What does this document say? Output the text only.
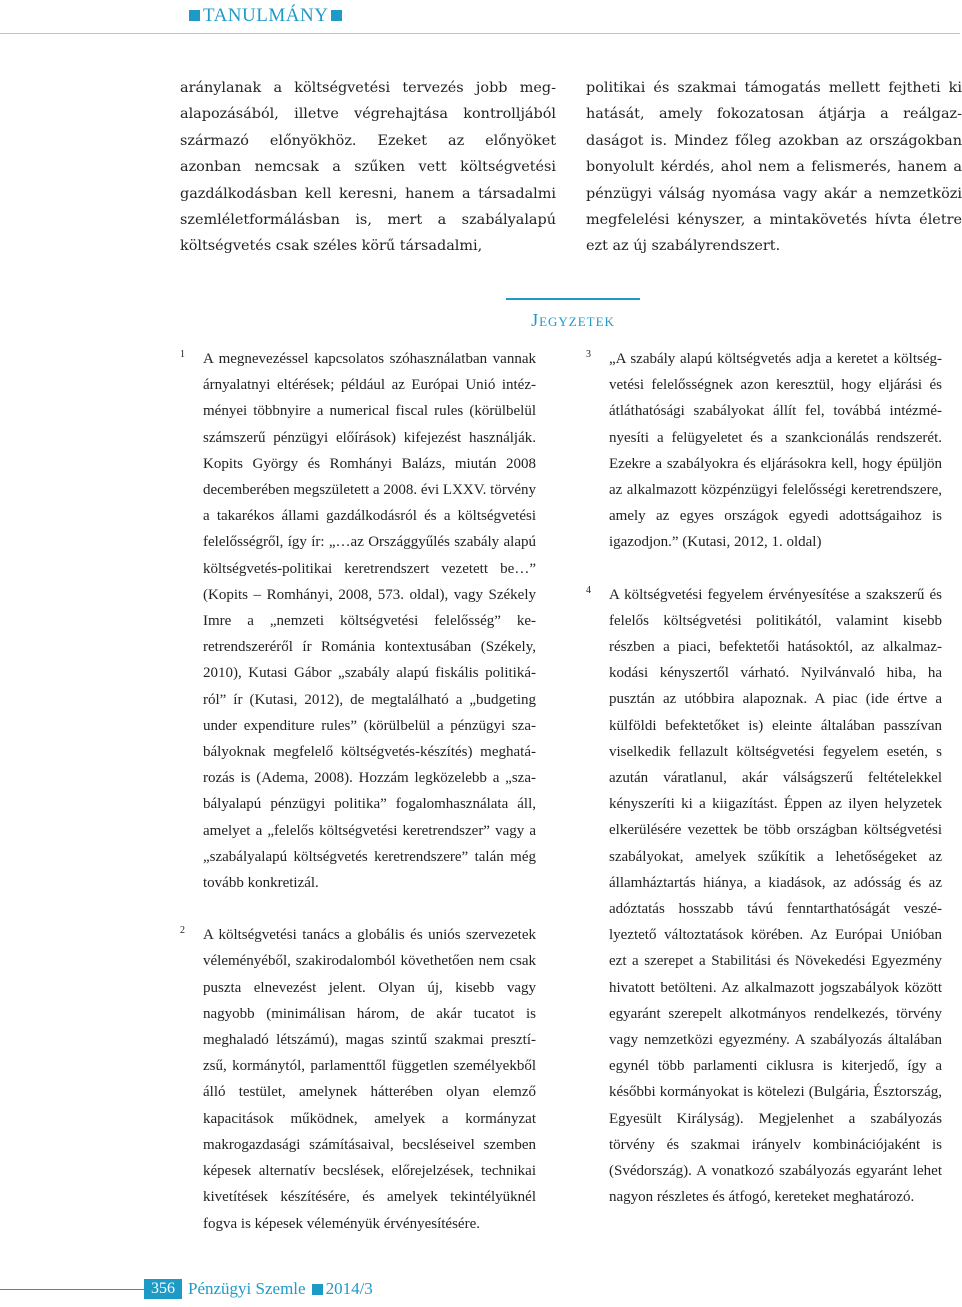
TANULMÁNY
aránylanak a költségvetési tervezés jobb megalapozásából, illetve végrehajtása kontrolljából származó előnyökhöz. Ezeket az előnyöket azonban nemcsak a szűken vett költségvetési gazdálkodásban kell keresni, hanem a társadalmi szemléletformálásban is, mert a szabályalapú költségvetés csak széles körű társadalmi,
politikai és szakmai támogatás mellett fejtheti ki hatását, amely fokozatosan átjárja a reálgazdaságot is. Mindez főleg azokban az országokban bonyolult kérdés, ahol nem a felismerés, hanem a pénzügyi válság nyomása vagy akár a nemzetközi megfelelési kényszer, a mintakövetés hívta életre ezt az új szabályrendszert.
Jegyzetek
1 A megnevezéssel kapcsolatos szóhasználatban vannak árnyalatnyi eltérések; például az Európai Unió intézményei többnyire a numerical fiscal rules (körülbelül számszerű pénzügyi előírások) kifejezést használják. Kopits György és Romhányi Balázs, miután 2008 decemberében megszületett a 2008. évi LXXV. törvény a takarékos állami gazdálkodásról és a költségvetési felelősségről, így ír: „…az Országgyűlés szabály alapú költségvetés-politikai keretrendszert vezetett be…” (Kopits – Romhányi, 2008, 573. oldal), vagy Székely Imre a „nemzeti költségvetési felelősség” keretrendszeréről ír Románia kontextusában (Székely, 2010), Kutasi Gábor „szabály alapú fiskális politikáról” ír (Kutasi, 2012), de megtalálható a „budgeting under expenditure rules” (körülbelül a pénzügyi szabályoknak megfelelő költségvetés-készítés) meghatározás is (Adema, 2008). Hozzám legközelebb a „szabályalapú pénzügyi politika” fogalomhasználata áll, amelyet a „felelős költségvetési keretrendszer” vagy a „szabályalapú költségvetés keretrendszere” talán még tovább konkretizál.
2 A költségvetési tanács a globális és uniós szervezetek véleményéből, szakirodalomból követhetően nem csak puszta elnevezést jelent. Olyan új, kisebb vagy nagyobb (minimálisan három, de akár tucatot is meghaladó létszámú), magas szintű szakmai presztízsű, kormánytól, parlamenttől független személyekből álló testület, amelynek hátterében olyan elemző kapacitások működnek, amelyek a kormányzat makrogazdasági számításaival, becsléseivel szemben képesek alternatív becslések, előrejelzések, technikai kivetítések készítésére, és amelyek tekintélyüknél fogva is képesek véleményük érvényesítésére.
3 „A szabály alapú költségvetés adja a keretet a költségvetési felelősségnek azon keresztül, hogy eljárási és átláthatósági szabályokat állít fel, továbbá intézményesíti a felügyeletet és a szankcionálás rendszerét. Ezekre a szabályokra és eljárásokra kell, hogy épüljön az alkalmazott közpénzügyi felelősségi keretrendszere, amely az egyes országok egyedi adottságaihoz is igazodjon.” (Kutasi, 2012, 1. oldal)
4 A költségvetési fegyelem érvényesítése a szakszerű és felelős költségvetési politikától, valamint kisebb részben a piaci, befektetői hatásoktól, az alkalmazkodási kényszertől várható. Nyilvánvaló hiba, ha pusztán az utóbbira alapoznak. A piac (ide értve a külföldi befektetőket is) eleinte általában passzívan viselkedik fellazult költségvetési fegyelem esetén, s azután váratlanul, akár válságszerű feltételekkel kényszeríti ki a kiigazítást. Éppen az ilyen helyzetek elkerülésére vezettek be több országban költségvetési szabályokat, amelyek szűkítik a lehetőségeket az államháztartás hiánya, a kiadások, az adósság és az adóztatás hosszabb távú fenntarthatóságát veszélyeztető változtatások körében. Az Európai Unióban ezt a szerepet a Stabilitási és Növekedési Egyezmény hivatott betölteni. Az alkalmazott jogszabályok között egyaránt szerepelt alkotmányos rendelkezés, törvény vagy nemzetközi egyezmény. A szabályozás általában egynél több parlamenti ciklusra is kiterjedő, így a későbbi kormányokat is kötelezi (Bulgária, Észtország, Egyesült Királyság). Megjelenhet a szabályozás törvény és szakmai irányelv kombinációjaként is (Svédország). A vonatkozó szabályozás egyaránt lehet nagyon részletes és átfogó, kereteket meghatározó.
356 Pénzügyi Szemle 2014/3
